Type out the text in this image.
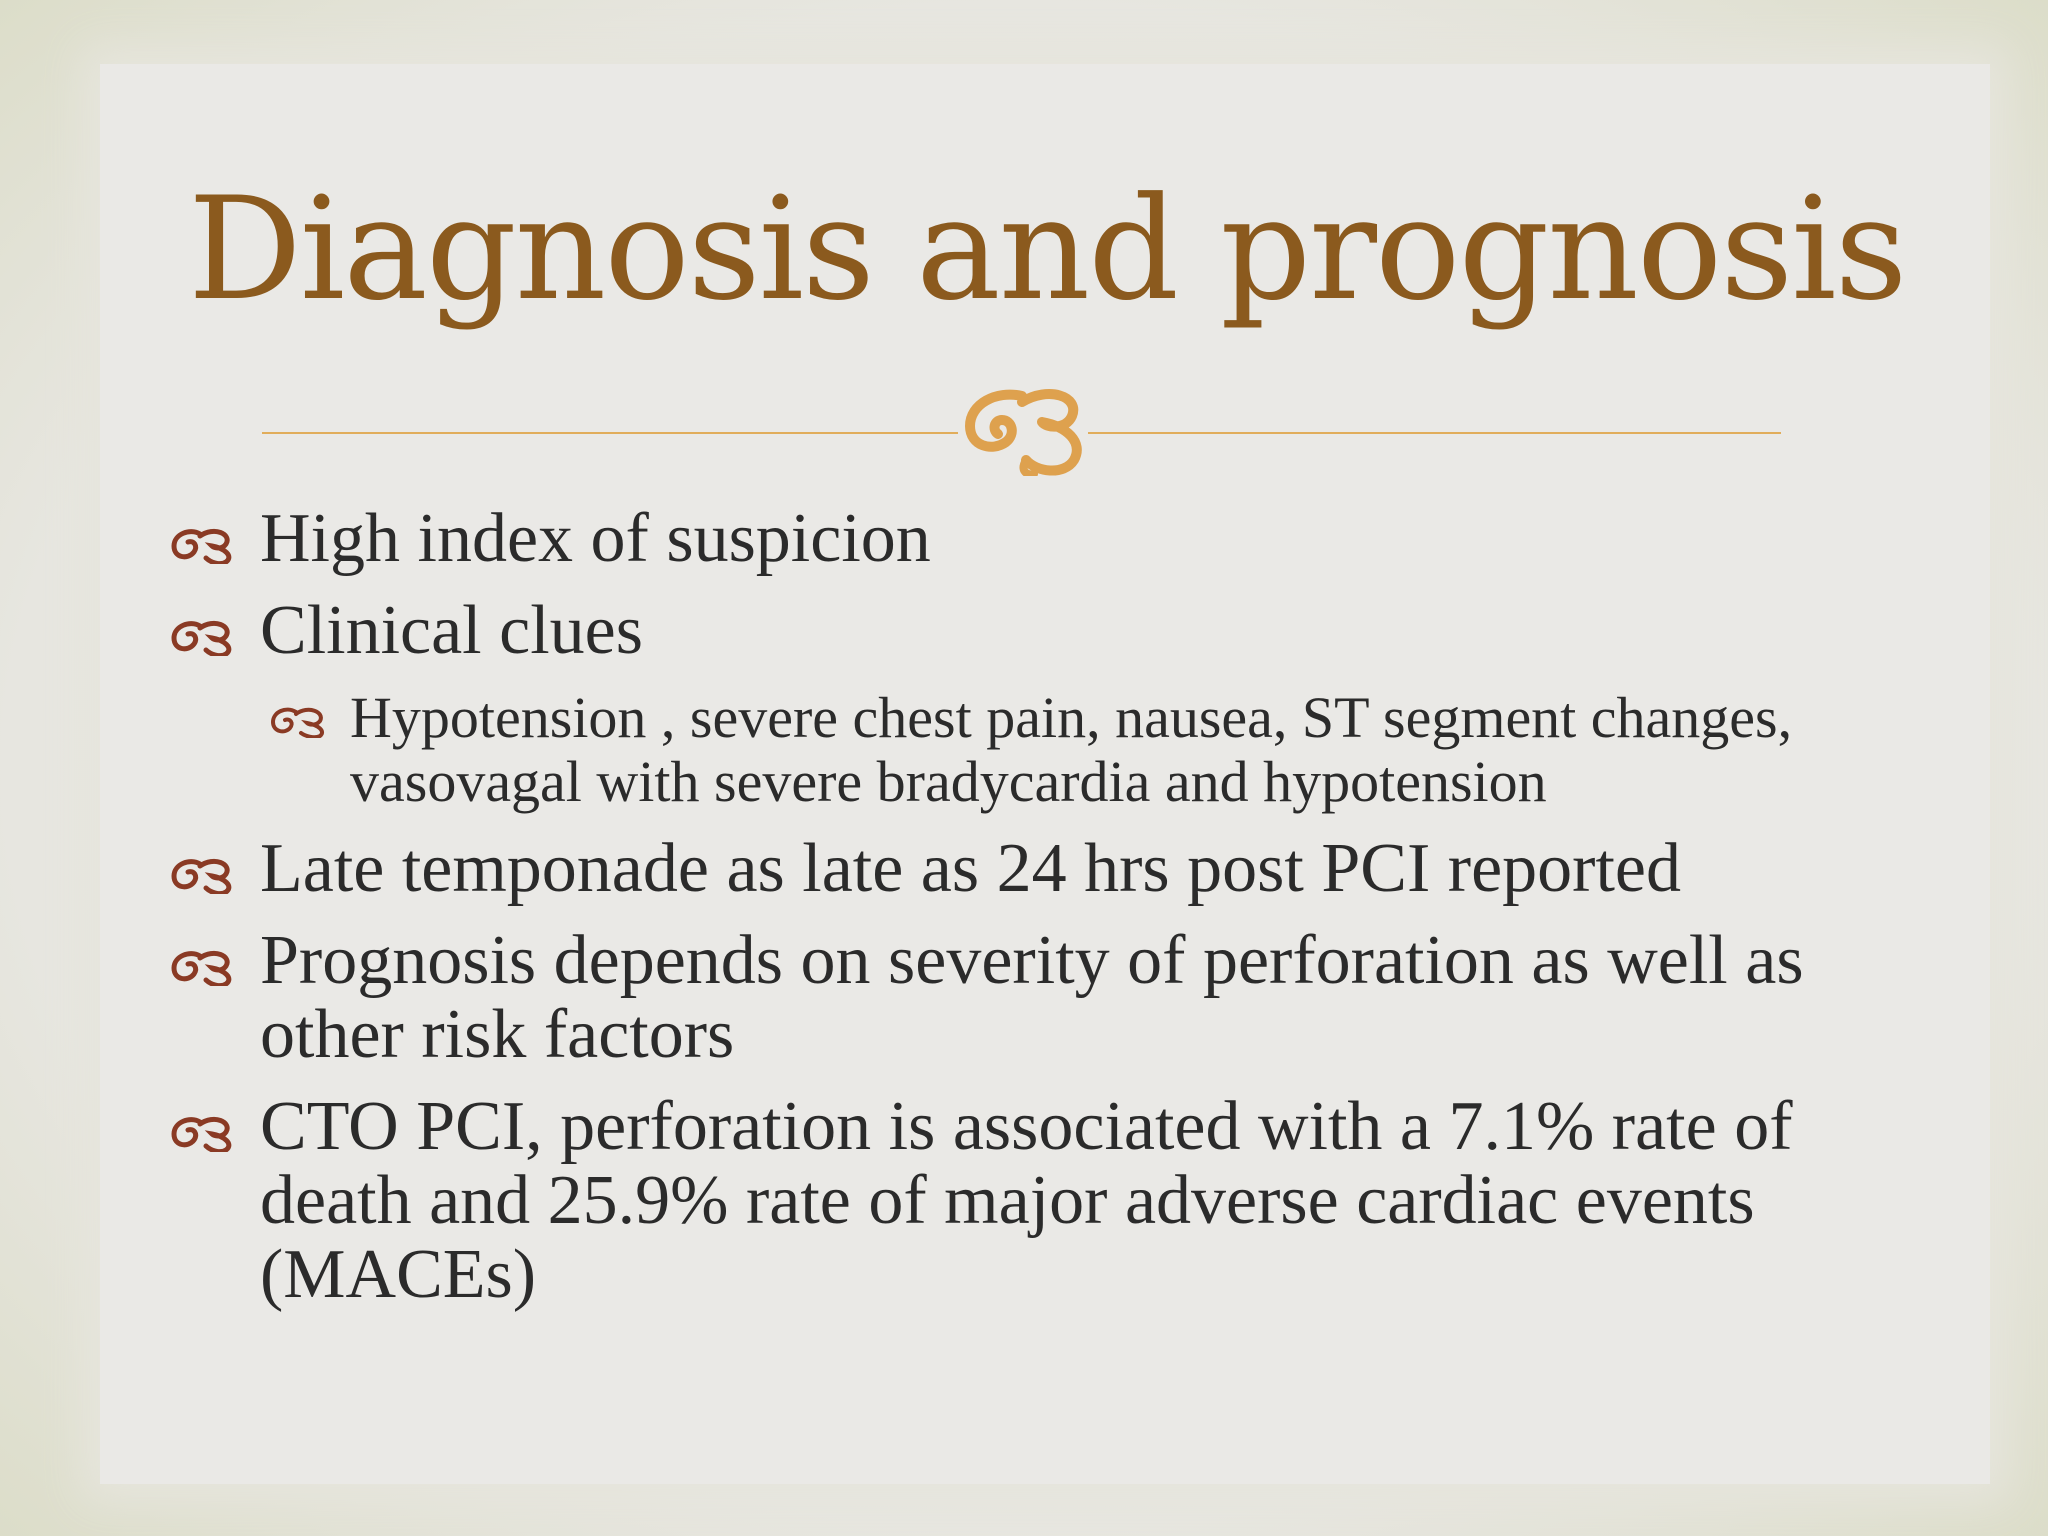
Diagnosis and prognosis
High index of suspicion
Clinical clues
Hypotension , severe chest pain, nausea, ST segment changes, vasovagal with severe bradycardia and hypotension
Late temponade as late as 24 hrs post PCI reported
Prognosis depends on severity of perforation as well as other risk factors
CTO PCI, perforation is associated with a 7.1% rate of death and 25.9% rate of major adverse cardiac events (MACEs)
